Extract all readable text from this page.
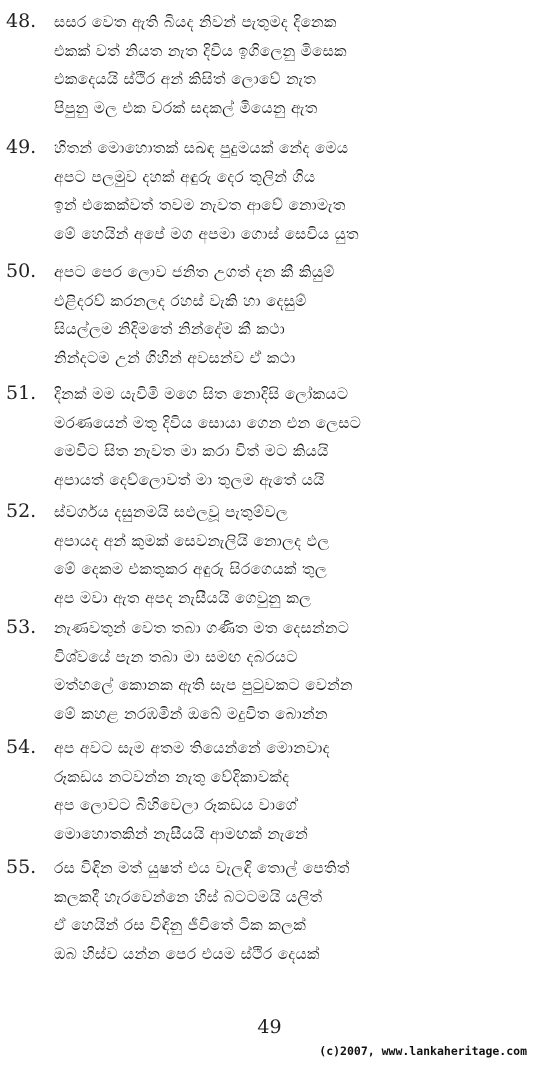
48. සසර වෙත ඇති බියද නිවන් පැතුමද දිනෙක
එකක් වත් නියත නැත දිවිය ඉගිලෙනු මිසෙක
එකදෙයයි ස්ථිර අන් කිසිත් ලොවේ නැත
පිපුනු මල එක වරක් සදකල් මියෙනු ඇත
49. හිතන් මොහොතක් සඛඳ පුදුමයක් නේද මෙය
අපට පලමුව දහක් අඳුරු දෙර තුලින් ගිය
ඉන් එකෙක්වත් තවම නැවත ආවේ නොමැත
මේ හෙයින් අපේ මග අපමා ගොස් සෙවිය යුත
50. අපට පෙර ලොව ජනිත උගත් දන කී කියුම්
එළිදරව් කරනලද රහස් වැකි හා දෙසුම්
සියල්ලම නිදිමතේ නින්දේම කී කථා
නින්දටම උන් ගිහින් අවසන්ව ඒ කථා
51. දිනක් මම යැවිමි මගෙ සිත නොදිසි ලෝකයට
මරණයෙන් මතු දිවිය සොයා ගෙන එන ලෙසට
මෙවිට සිත නැවත මා කරා විත් මට කියයි
අපායත් දෙව්ලොවත් මා තුලම ඇතේ යයි
52. ස්වර්ගය දසුනමයි සඵලවූ පැතුම්වල
අපායද අන් කුමක් සෙවනැලියි නොලද ඵල
මේ දෙකම එකතුකර අඳුරු සිරගෙයක් තුල
අප මවා ඇත අපද නැසීයයි ගෙවුනු කල
53. නැණවතුන් වෙත තබා ගණිත මත දෙසන්නට
විශ්වයේ පැන තබා මා සමඟ දබරයට
මත්හලේ කොනක ඇති සැප පුටුවකට වෙන්න
මේ කහළ නරඹමින් ඔබේ මදුවිත බොන්න
54. අප අවට සැම අතම තියෙන්නේ මොනවාද
රූකඩය නටවන්න නැතු වේදිකාවක්ද
අප ලොවට බිහිවෙලා රූකඩය වාගේ
මොහොතකින් නැසීයයි ආමඟක් නැනේ
55. රස විඳින මත් යුෂත් එය වැලඳි තොල් පෙතිත්
කලකදී හැරවෙන්නෙ හිස් බටටමයි යලිත්
ඒ හෙයින් රස විඳිනු ජීවිතේ ටික කලක්
ඔබ හිස්ව යන්න පෙර එයම ස්ථිර දෙයක්
49
(c)2007, www.lankaheritage.com
